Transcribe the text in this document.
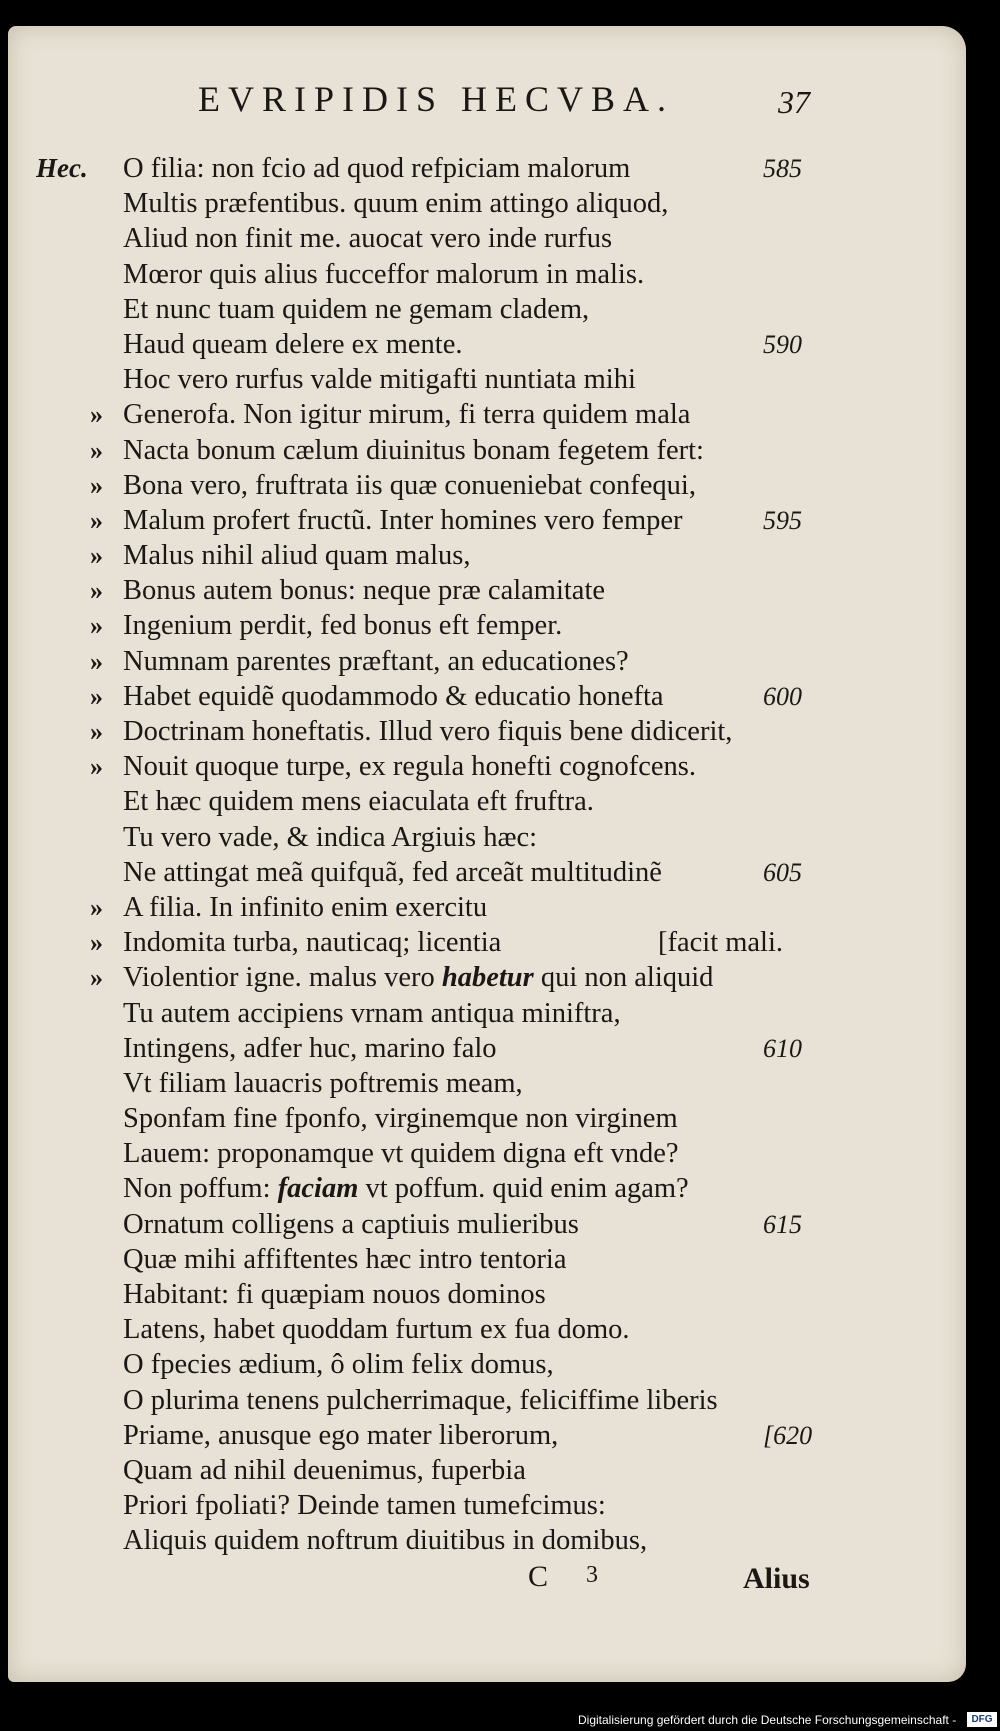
EVRIPIDIS HECVBA.	37
Hec. O filia: non fcio ad quod refpiciam malorum	585
Multis præfentibus. quum enim attingo aliquod,
Aliud non finit me. auocat vero inde rurfus
Mœror quis alius fucceffor malorum in malis.
Et nunc tuam quidem ne gemam cladem,
Haud queam delere ex mente.	590
Hoc vero rurfus valde mitigafti nuntiata mihi
» Generofa. Non igitur mirum, fi terra quidem mala
» Nacta bonum cælum diuinitus bonam fegetem fert:
» Bona vero, fruftrata iis quæ conueniebat confequi,
» Malum profert fructũ. Inter homines vero femper	595
» Malus nihil aliud quam malus,
» Bonus autem bonus: neque præ calamitate
» Ingenium perdit, fed bonus eft femper.
» Numnam parentes præftant, an educationes?
» Habet equidẽ quodammodo & educatio honefta	600
» Doctrinam honeftatis. Illud vero fiquis bene didicerit,
» Nouit quoque turpe, ex regula honefti cognofcens.
Et hæc quidem mens eiaculata eft fruftra.
Tu vero vade, & indica Argiuis hæc:
Ne attingat meã quifquã, fed arceãt multitudinẽ	605
» A filia. In infinito enim exercitu
» Indomita turba, nauticaq; licentia	[facit mali.
» Violentior igne. malus vero habetur qui non aliquid
Tu autem accipiens vrnam antiqua miniftra,
Intingens, adfer huc, marino falo	610
Vt filiam lauacris poftremis meam,
Sponfam fine fponfo, virginemque non virginem
Lauem: proponamque vt quidem digna eft vnde?
Non poffum: faciam vt poffum. quid enim agam?
Ornatum colligens a captiuis mulieribus	615
Quæ mihi affiftentes hæc intro tentoria
Habitant: fi quæpiam nouos dominos
Latens, habet quoddam furtum ex fua domo.
O fpecies ædium, ô olim felix domus,
O plurima tenens pulcherrimaque, feliciffime liberis
Priame, anusque ego mater liberorum,	[620
Quam ad nihil deuenimus, fuperbia
Priori fpoliati? Deinde tamen tumefcimus:
Aliquis quidem noftrum diuitibus in domibus,
C 3	Alius
Digitalisierung gefördert durch die Deutsche Forschungsgemeinschaft -	DFG
